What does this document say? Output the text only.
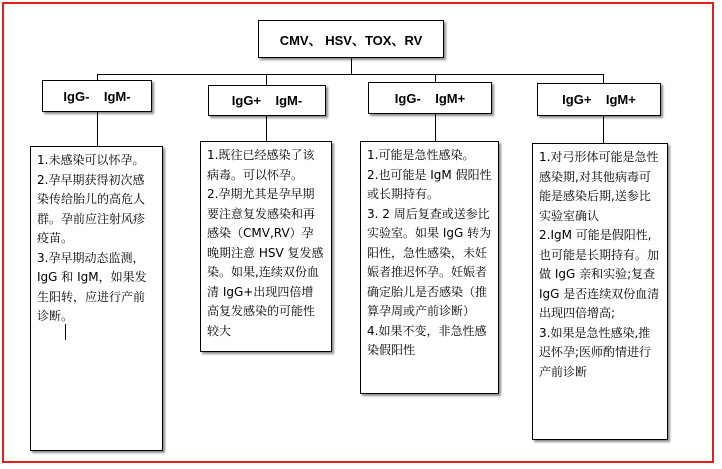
CMV、 HSV、TOX、RV
IgG-    IgM-	IgG+    IgM-	IgG-    IgM+	IgG+    IgM+

1.未感染可以怀孕。

2.孕早期获得初次感染传给胎儿的高危人群。孕前应注射风疹疫苗。

3.孕早期动态监测，IgG 和 IgM，如果发生阳转，应进行产前诊断。

1.既往已经感染了该病毒。可以怀孕。

2.孕期尤其是孕早期要注意复发感染和再感染（CMV,RV）孕晚期注意 HSV 复发感染。如果,连续双份血清 IgG+出现四倍增高复发感染的可能性较大

1.可能是急性感染。

2.也可能是 IgM 假阳性或长期持有。

3. 2 周后复查或送参比实验室。如果 IgG 转为阳性，急性感染，未妊娠者推迟怀孕。妊娠者确定胎儿是否感染（推算孕周或产前诊断）

4.如果不变，非急性感染假阳性

1.对弓形体可能是急性感染期,对其他病毒可能是感染后期,送参比实验室确认

2.IgM 可能是假阳性,也可能是长期持有。加做 IgG 亲和实验;复查 IgG 是否连续双份血清出现四倍增高;

3.如果是急性感染,推迟怀孕;医师酌情进行产前诊断
